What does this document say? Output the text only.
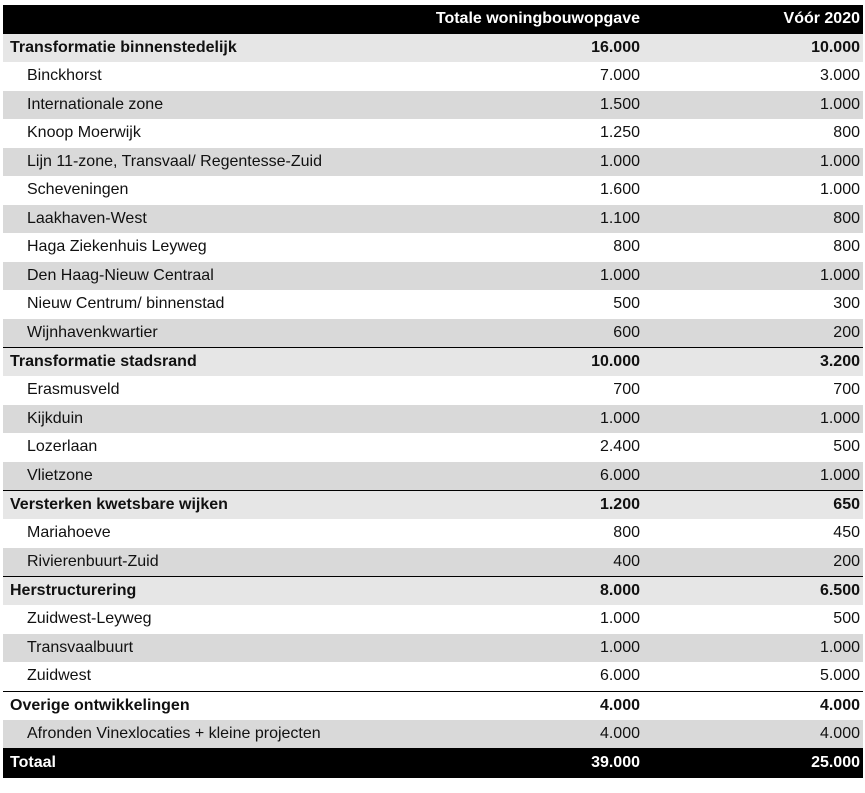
	Totale woningbouwopgave	Vóór 2020
Transformatie binnenstedelijk	16.000	10.000
Binckhorst	7.000	3.000
Internationale zone	1.500	1.000
Knoop Moerwijk	1.250	800
Lijn 11-zone, Transvaal/ Regentesse-Zuid	1.000	1.000
Scheveningen	1.600	1.000
Laakhaven-West	1.100	800
Haga Ziekenhuis Leyweg	800	800
Den Haag-Nieuw Centraal	1.000	1.000
Nieuw Centrum/ binnenstad	500	300
Wijnhavenkwartier	600	200
Transformatie stadsrand	10.000	3.200
Erasmusveld	700	700
Kijkduin	1.000	1.000
Lozerlaan	2.400	500
Vlietzone	6.000	1.000
Versterken kwetsbare wijken	1.200	650
Mariahoeve	800	450
Rivierenbuurt-Zuid	400	200
Herstructurering	8.000	6.500
Zuidwest-Leyweg	1.000	500
Transvaalbuurt	1.000	1.000
Zuidwest	6.000	5.000
Overige ontwikkelingen	4.000	4.000
Afronden Vinexlocaties + kleine projecten	4.000	4.000
Totaal	39.000	25.000
